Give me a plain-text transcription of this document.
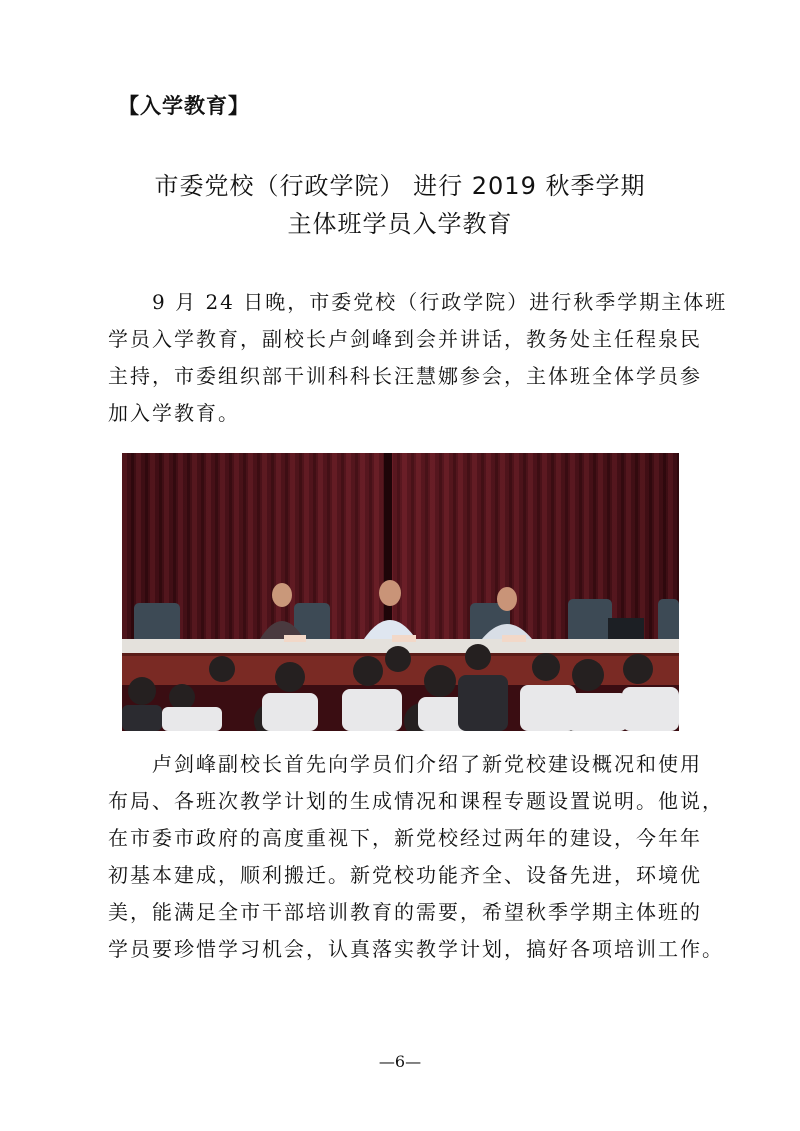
【入学教育】
市委党校（行政学院） 进行 2019 秋季学期
主体班学员入学教育
　　9 月 24 日晚，市委党校（行政学院）进行秋季学期主体班
学员入学教育，副校长卢剑峰到会并讲话，教务处主任程泉民
主持，市委组织部干训科科长汪慧娜参会，主体班全体学员参
加入学教育。
　　卢剑峰副校长首先向学员们介绍了新党校建设概况和使用
布局、各班次教学计划的生成情况和课程专题设置说明。他说，
在市委市政府的高度重视下，新党校经过两年的建设，今年年
初基本建成，顺利搬迁。新党校功能齐全、设备先进，环境优
美，能满足全市干部培训教育的需要，希望秋季学期主体班的
学员要珍惜学习机会，认真落实教学计划，搞好各项培训工作。
—6—
